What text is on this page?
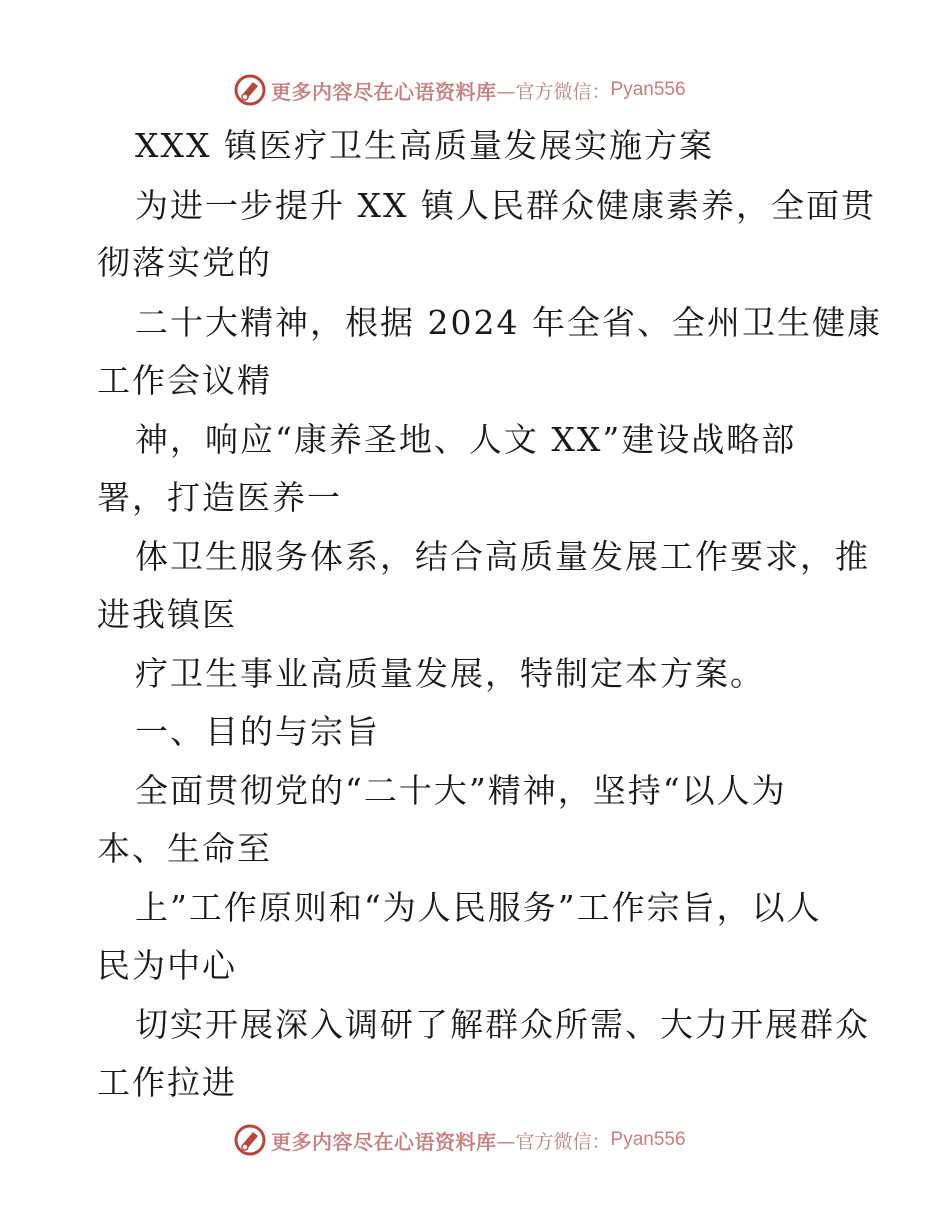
更多内容尽在心语资料库 —官方微信： Pyan556
XXX 镇医疗卫生高质量发展实施方案
为进一步提升 XX 镇人民群众健康素养，全面贯
彻落实党的
二十大精神，根据 2024 年全省、全州卫生健康
工作会议精
神，响应“康养圣地、人文 XX”建设战略部
署，打造医养一
体卫生服务体系，结合高质量发展工作要求，推
进我镇医
疗卫生事业高质量发展，特制定本方案。
一、目的与宗旨
全面贯彻党的“二十大”精神，坚持“以人为
本、生命至
上”工作原则和“为人民服务”工作宗旨，以人
民为中心
切实开展深入调研了解群众所需、大力开展群众
工作拉进
更多内容尽在心语资料库 —官方微信： Pyan556
